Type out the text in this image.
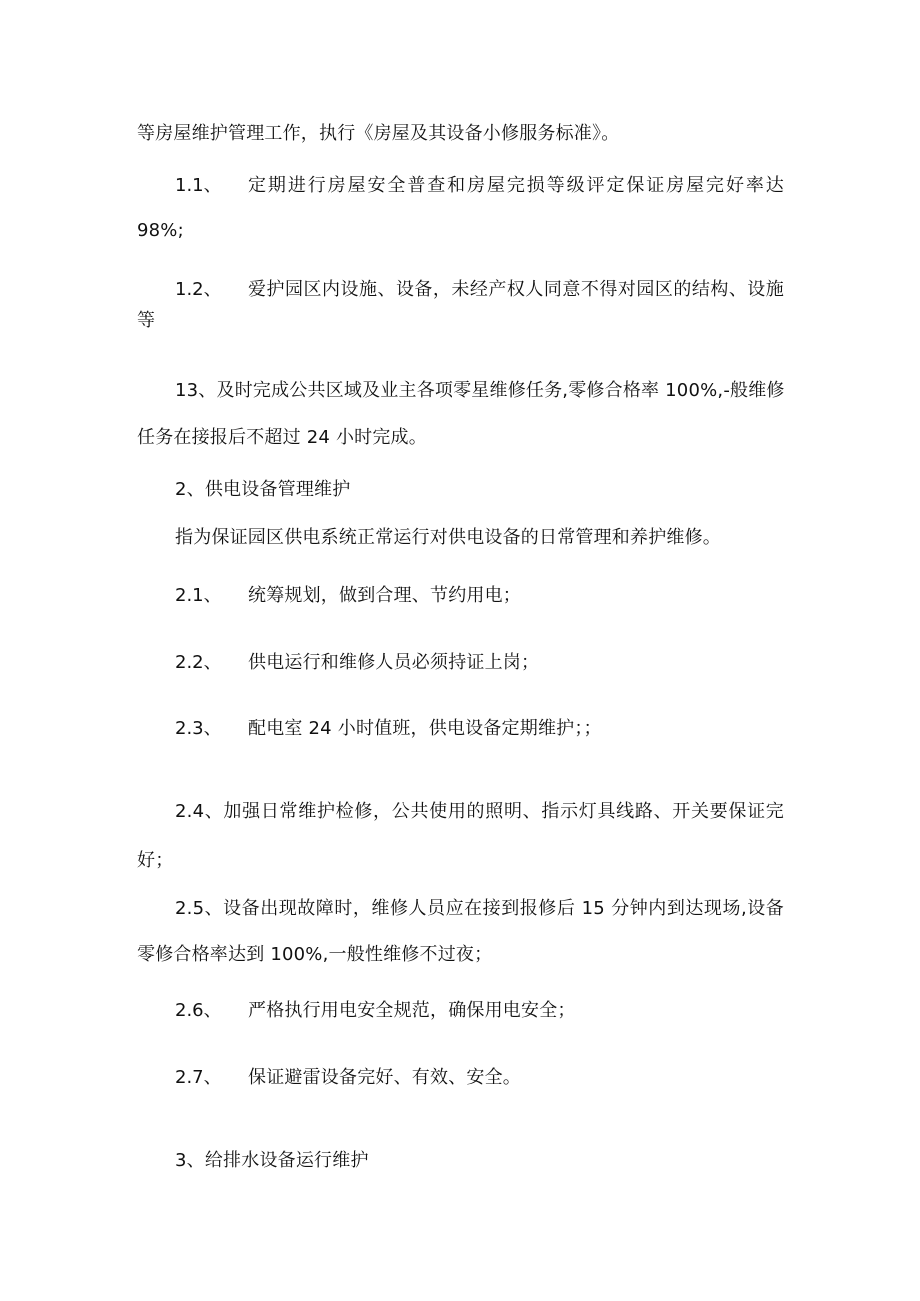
等房屋维护管理工作，执行《房屋及其设备小修服务标准》。
1.1、 定期进行房屋安全普查和房屋完损等级评定保证房屋完好率达
98%;
1.2、 爱护园区内设施、设备，未经产权人同意不得对园区的结构、设施
等
13、及时完成公共区域及业主各项零星维修任务,零修合格率 100%,-般维修
任务在接报后不超过 24 小时完成。
2、供电设备管理维护
指为保证园区供电系统正常运行对供电设备的日常管理和养护维修。
2.1、 统筹规划，做到合理、节约用电；
2.2、 供电运行和维修人员必须持证上岗；
2.3、 配电室 24 小时值班，供电设备定期维护；；
2.4、加强日常维护检修，公共使用的照明、指示灯具线路、开关要保证完
好；
2.5、设备出现故障时，维修人员应在接到报修后 15 分钟内到达现场,设备
零修合格率达到 100%,一般性维修不过夜；
2.6、 严格执行用电安全规范，确保用电安全；
2.7、 保证避雷设备完好、有效、安全。
3、给排水设备运行维护
